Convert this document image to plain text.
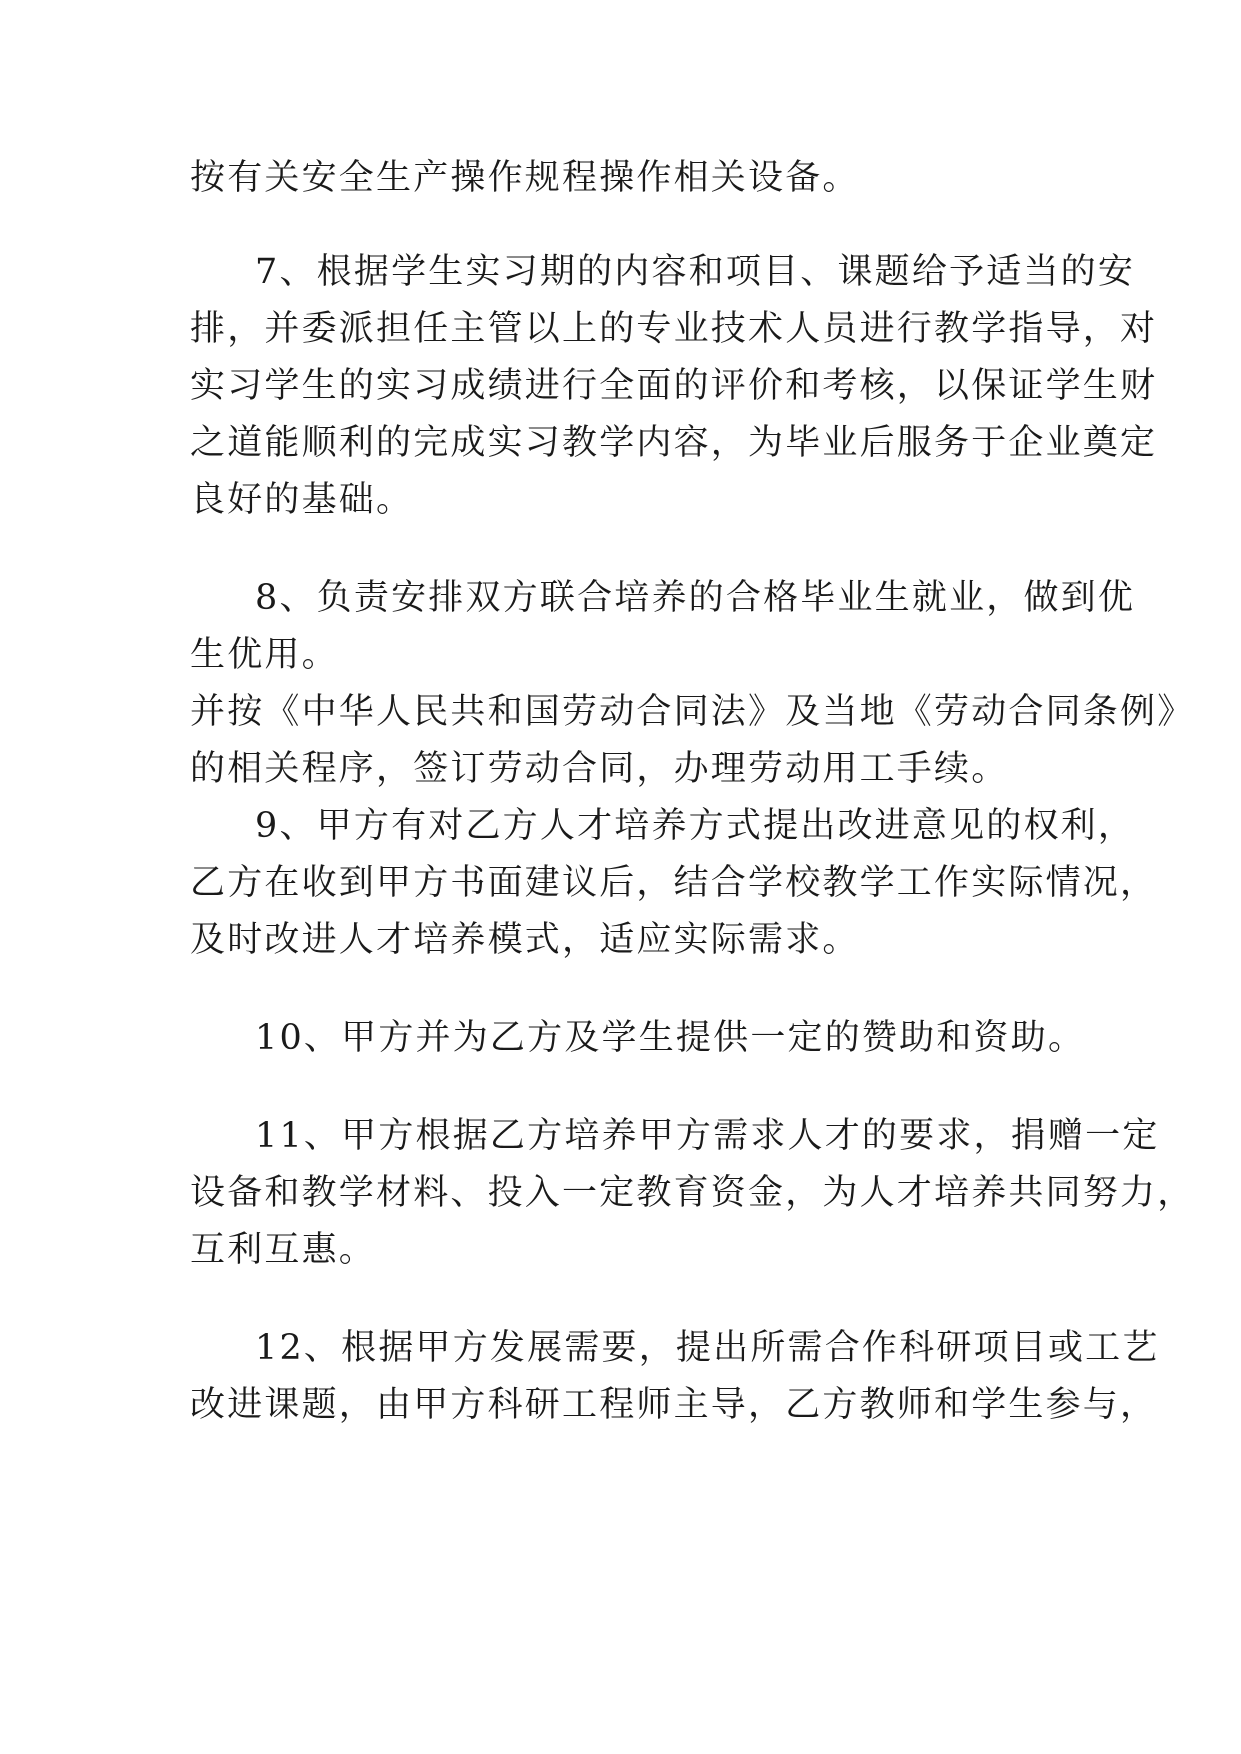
按有关安全生产操作规程操作相关设备。
7、根据学生实习期的内容和项目、课题给予适当的安
排，并委派担任主管以上的专业技术人员进行教学指导，对
实习学生的实习成绩进行全面的评价和考核，以保证学生财
之道能顺利的完成实习教学内容，为毕业后服务于企业奠定
良好的基础。
8、负责安排双方联合培养的合格毕业生就业，做到优
生优用。
并按《中华人民共和国劳动合同法》及当地《劳动合同条例》
的相关程序，签订劳动合同，办理劳动用工手续。
9、甲方有对乙方人才培养方式提出改进意见的权利，
乙方在收到甲方书面建议后，结合学校教学工作实际情况，
及时改进人才培养模式，适应实际需求。
10、甲方并为乙方及学生提供一定的赞助和资助。
11、甲方根据乙方培养甲方需求人才的要求，捐赠一定
设备和教学材料、投入一定教育资金，为人才培养共同努力，
互利互惠。
12、根据甲方发展需要，提出所需合作科研项目或工艺
改进课题，由甲方科研工程师主导，乙方教师和学生参与，
